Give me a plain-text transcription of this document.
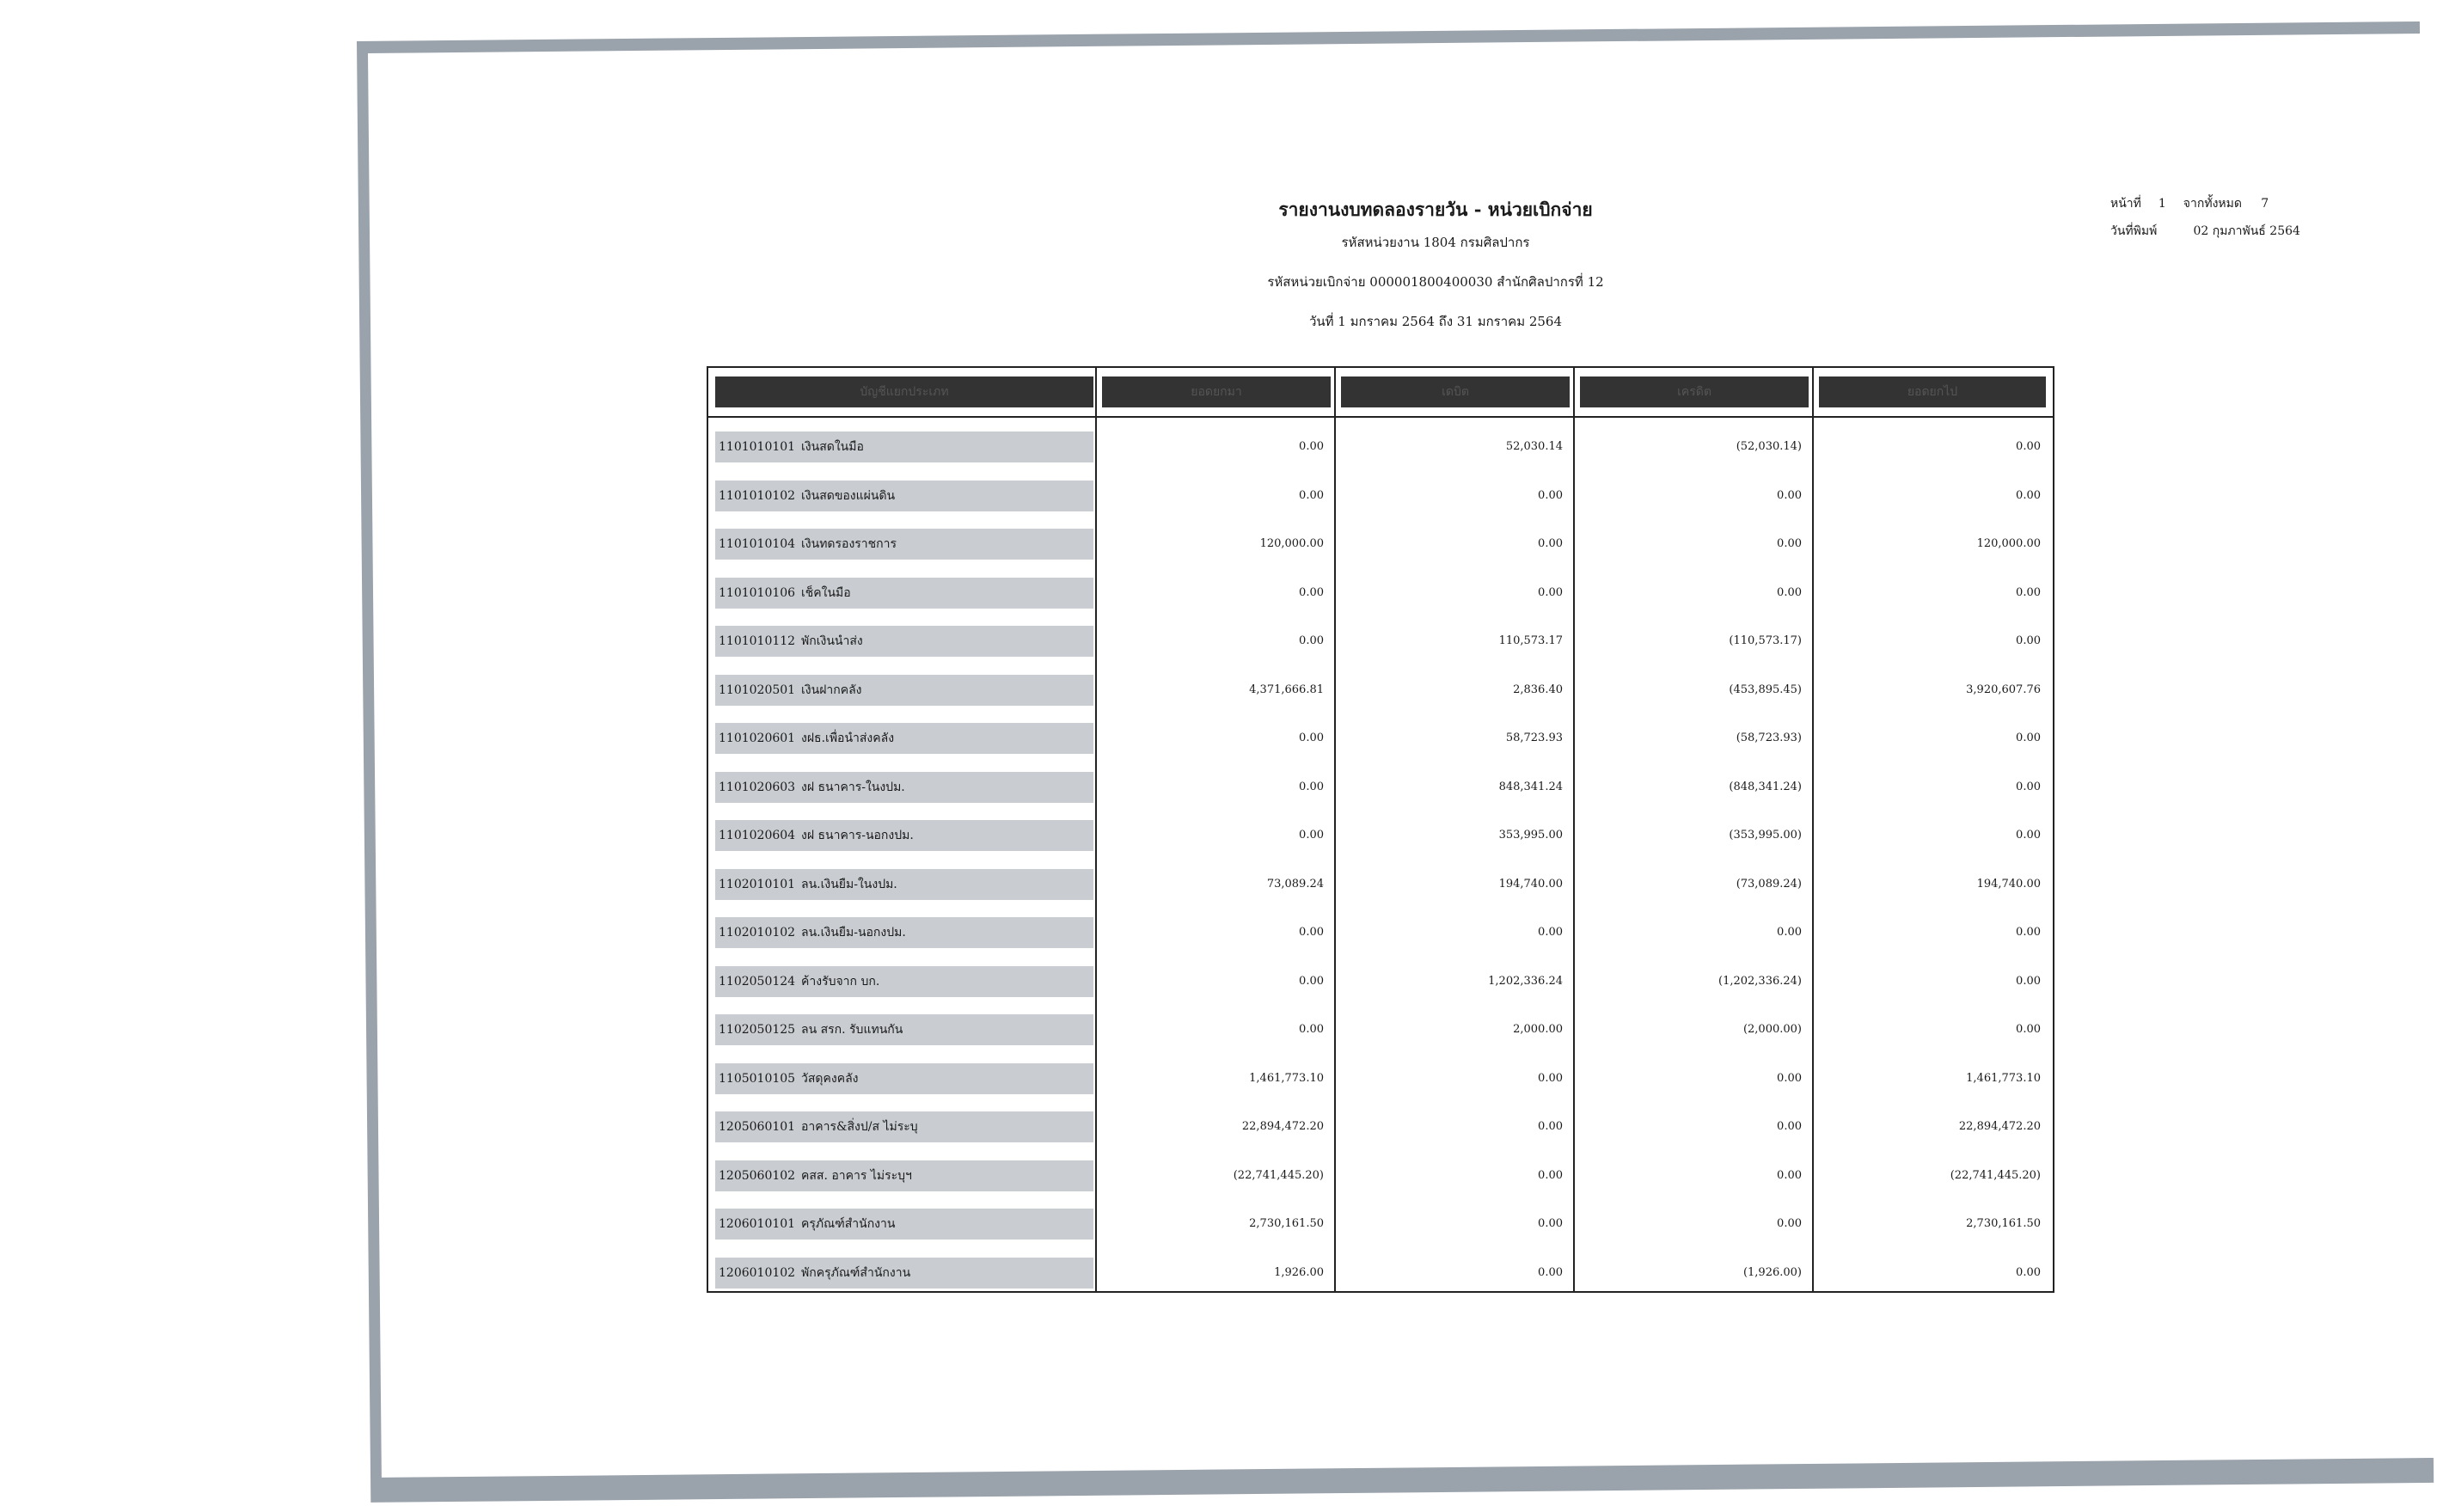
รายงานงบทดลองรายวัน - หน่วยเบิกจ่าย
รหัสหน่วยงาน 1804 กรมศิลปากร
รหัสหน่วยเบิกจ่าย 000001800400030 สำนักศิลปากรที่ 12
วันที่ 1 มกราคม 2564 ถึง 31 มกราคม 2564
หน้าที่ 1 จากทั้งหมด 7
วันที่พิมพ์	02 กุมภาพันธ์ 2564
บัญชีแยกประเภท	ยอดยกมา	เดบิต	เครดิต	ยอดยกไป
1101010101 เงินสดในมือ	0.00	52,030.14	(52,030.14)	0.00
1101010102 เงินสดของแผ่นดิน	0.00	0.00	0.00	0.00
1101010104 เงินทดรองราชการ	120,000.00	0.00	0.00	120,000.00
1101010106 เช็คในมือ	0.00	0.00	0.00	0.00
1101010112 พักเงินนำส่ง	0.00	110,573.17	(110,573.17)	0.00
1101020501 เงินฝากคลัง	4,371,666.81	2,836.40	(453,895.45)	3,920,607.76
1101020601 งฝธ.เพื่อนำส่งคลัง	0.00	58,723.93	(58,723.93)	0.00
1101020603 งฝ ธนาคาร-ในงปม.	0.00	848,341.24	(848,341.24)	0.00
1101020604 งฝ ธนาคาร-นอกงปม.	0.00	353,995.00	(353,995.00)	0.00
1102010101 ลน.เงินยืม-ในงปม.	73,089.24	194,740.00	(73,089.24)	194,740.00
1102010102 ลน.เงินยืม-นอกงปม.	0.00	0.00	0.00	0.00
1102050124 ค้างรับจาก บก.	0.00	1,202,336.24	(1,202,336.24)	0.00
1102050125 ลน สรก. รับแทนกัน	0.00	2,000.00	(2,000.00)	0.00
1105010105 วัสดุคงคลัง	1,461,773.10	0.00	0.00	1,461,773.10
1205060101 อาคาร&สิ่งป/ส ไม่ระบุ	22,894,472.20	0.00	0.00	22,894,472.20
1205060102 คสส. อาคาร ไม่ระบุฯ	(22,741,445.20)	0.00	0.00	(22,741,445.20)
1206010101 ครุภัณฑ์สำนักงาน	2,730,161.50	0.00	0.00	2,730,161.50
1206010102 พักครุภัณฑ์สำนักงาน	1,926.00	0.00	(1,926.00)	0.00
